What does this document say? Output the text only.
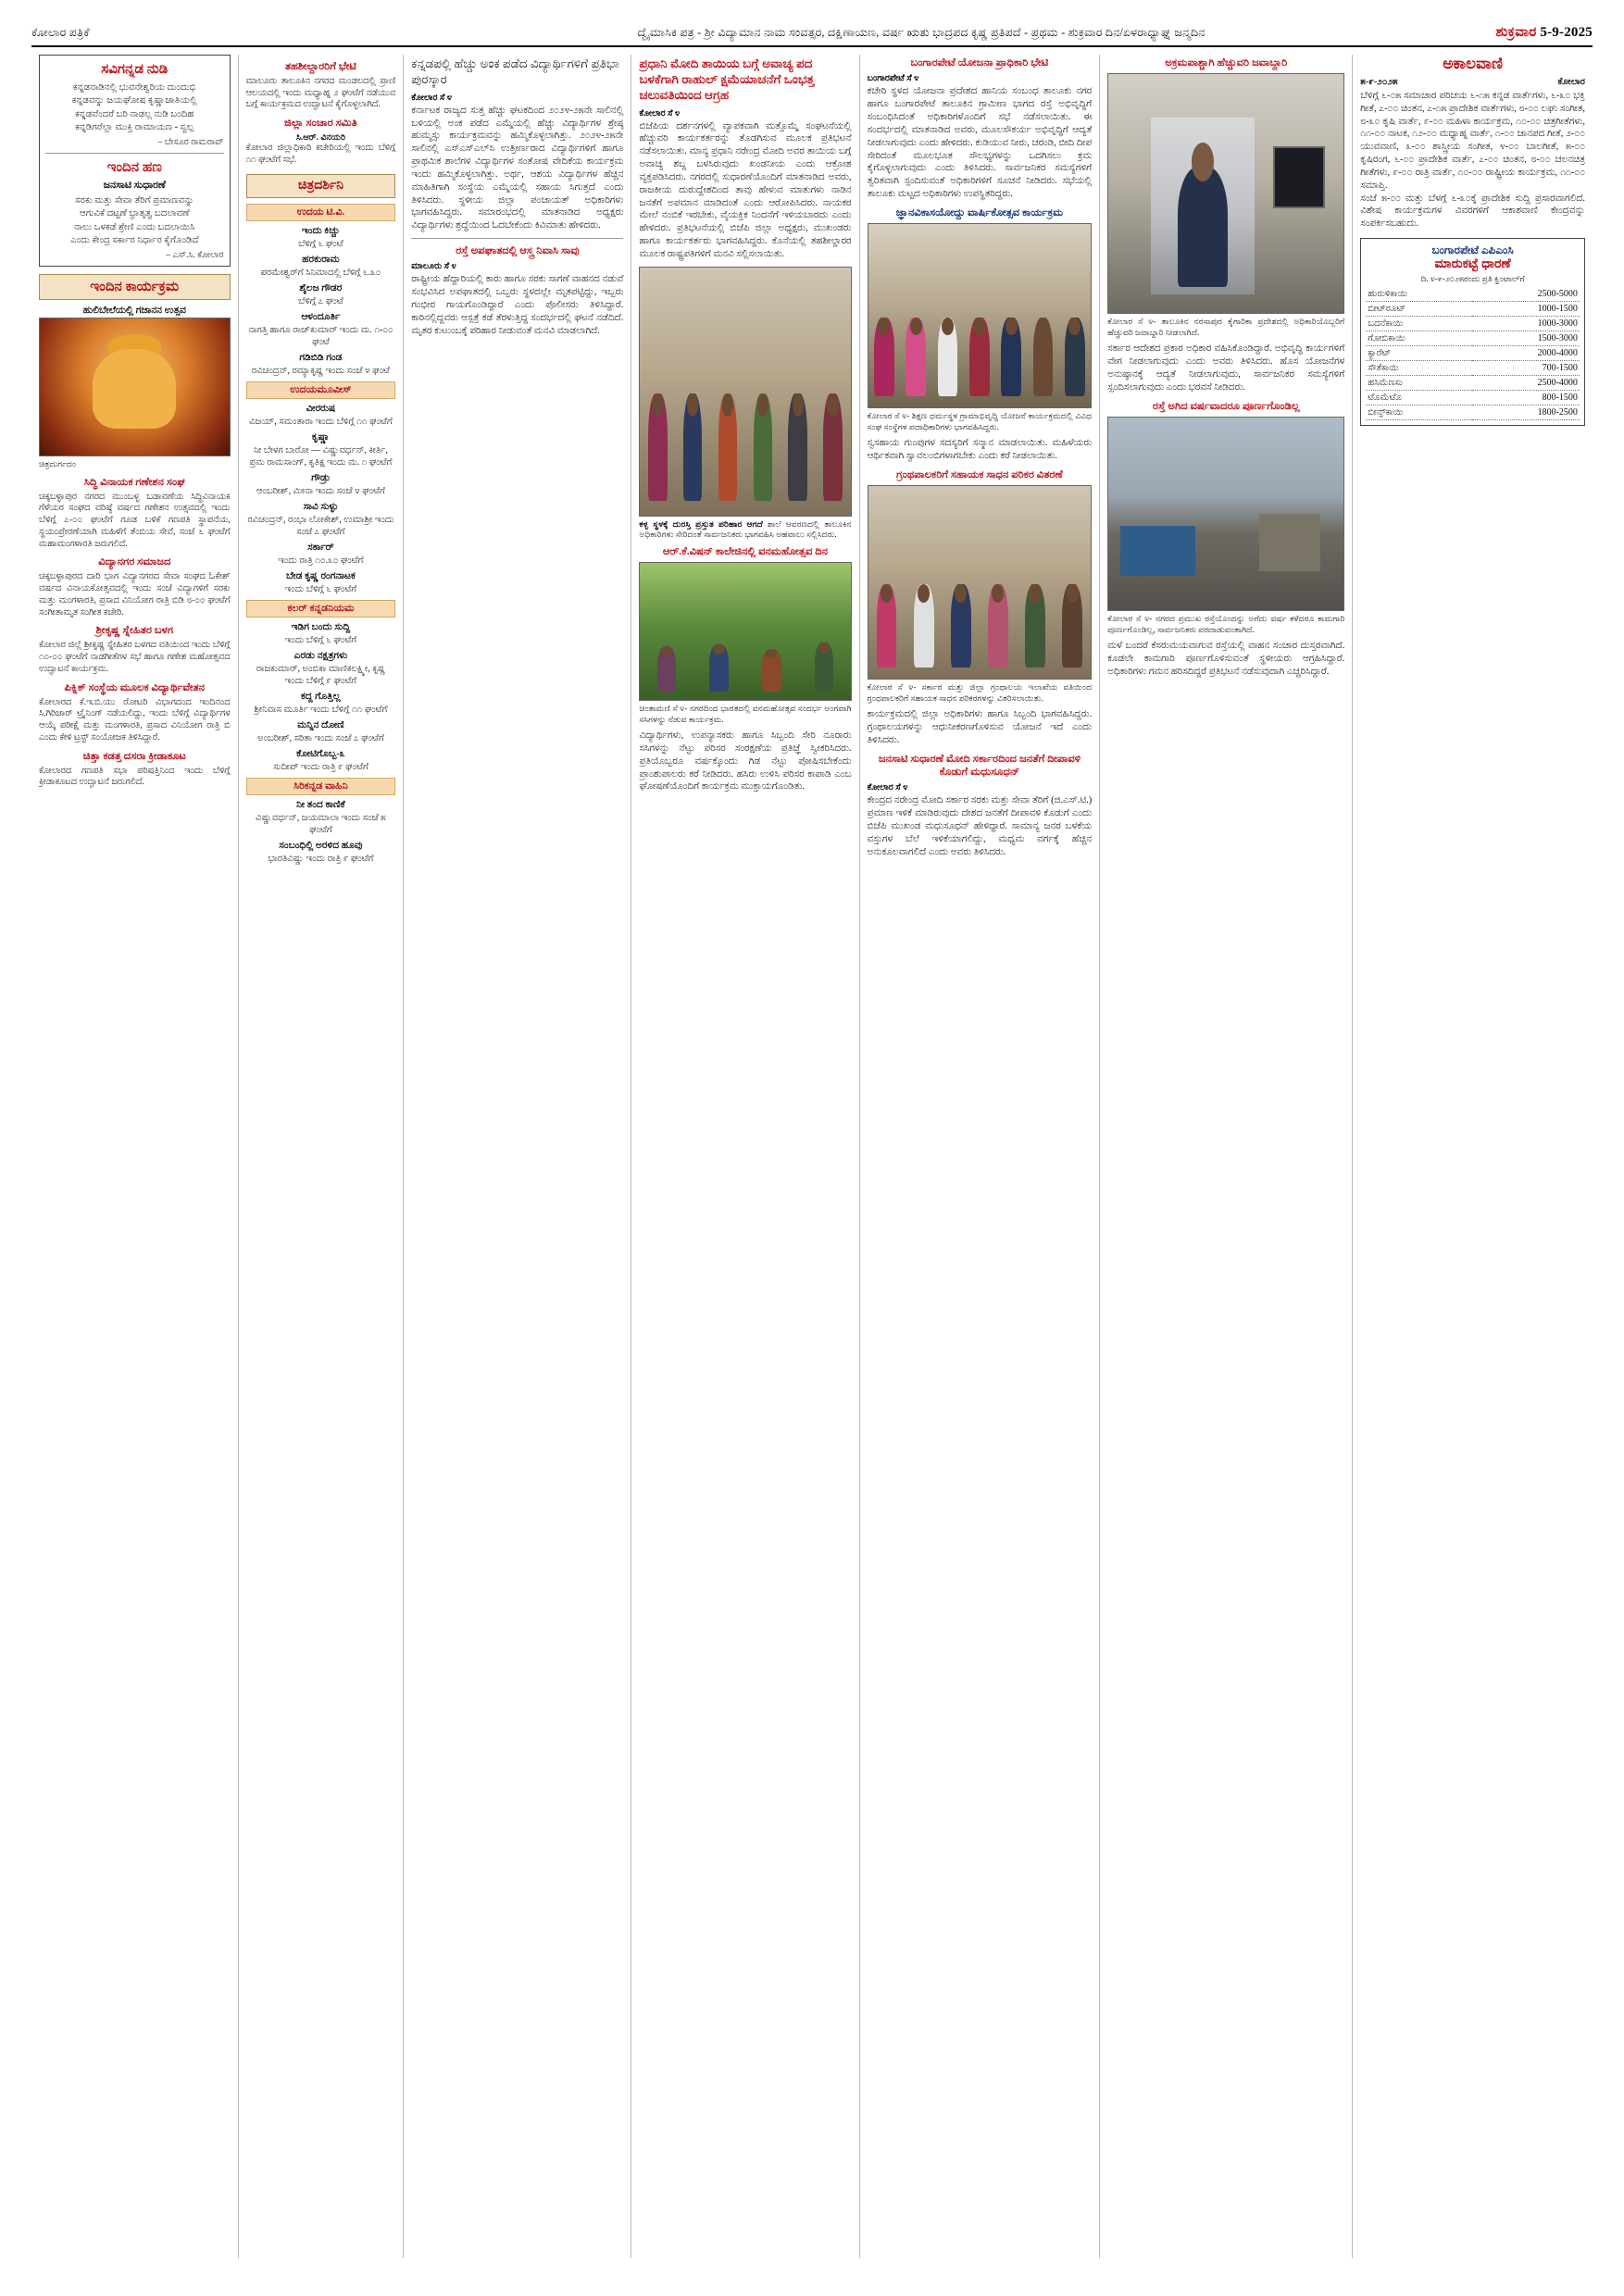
ಕೋಲಾರ ಪತ್ರಿಕೆ	ದ್ವೈಮಾಸಿಕ ಪತ್ರ - ಶ್ರೀ ವಿದ್ಯಾಮಾನ ನಾಮ ಸಂವತ್ಸರ, ದಕ್ಷಿಣಾಯಣ, ವರ್ಷ ಋತು ಭಾದ್ರಪದ ಕೃಷ್ಣ ಪ್ರತಿಪದೆ - ಪ್ರಥಮ - ಶುಕ್ರವಾರ ದಿನ/ಏಳರಾಧ್ಯಾಘ್ನ ಜನ್ಮದಿನ	ಶುಕ್ರವಾರ 5-9-2025
ಸವಿಗನ್ನಡ ನುಡಿ
ಕನ್ನಡನಾಡಿನಲ್ಲಿ ಭುವನೇಶ್ವರಿಯ ದುಂದುಭಿ
ಕನ್ನಡವನ್ನು ಜಯಘೋಷ ಕೃಷ್ಣಾಜಾತಿಯಲ್ಲಿ
ಕನ್ನಡವೆಂದರೆ ಬರಿ ನಾಡಲ್ಲ ನುಡಿ ಬಂದಿಹ
ಕನ್ನಡಿಗರೆಲ್ಲಾ ಮುಕ್ತಿ ರಾಮಾಯಣ - ಸ್ವಲ್ಪ
– ಬೇಸೂರ ರಾಮರಾವ್
ಇಂದಿನ ಹಣ
ಜನಸಾಟಿ ಸುಧಾರಣೆ
ಸರಕು ಮತ್ತು ಸೇವಾ ತೆರಿಗೆ ಪ್ರಮಾಣವನ್ನು
ಆಗುವಿಕೆ ದಟ್ಟಣೆ ಭ್ರಾತೃತ್ವ ಬದಲಾವಣೆ
ನಾಲು ಒಳಕಡೆ ಶ್ರೇಣಿ ಎಂದು ಬದಲಾಯಿಸಿ
ಎಂದು ಕೇಂದ್ರ ಸರ್ಕಾರ ನಿರ್ಧಾರ ಕೈಗೊಂಡಿದೆ
– ಎಸ್.ಸಿ. ಕೋಲಾರ
ಇಂದಿನ ಕಾರ್ಯಕ್ರಮ
ಹುಲಿಬೇಲೆಯಲ್ಲಿ ಗಜಾನನ ಉತ್ಸವ
ಚಿತ್ರದುರ್ಗದಂ
ಸಿದ್ಧಿ ವಿನಾಯಕ ಗಣೇಶನ ಸಂಘ
ಚಿಕ್ಕಬಳ್ಳಾಪುರ ನಗರದ ಮುಂಬಳ್ಳ ಬಡಾವಣೆಯ ಸಿದ್ಧಿವಿನಾಯಕ ಗೆಳೆಯರ ಸಂಘದ ವರಿಷ್ಠೆ ವರ್ಷದ ಗಣೇಶನ ಉತ್ಸವದಲ್ಲಿ ಇಂದು ಬೆಳಿಗ್ಗೆ ೭-೦೦ ಘಂಟೆಗೆ ಗೂಡ ಬಳಿಕೆ ಗಣಪತಿ ಸ್ಥಾಪನೆಯ, ಸ್ಥಯಂಪ್ರೇರಣೆಯಾಗಿ ಮಹಿಳೆಗೆ ತೆಂಬಿಯ ಸೇವೆ, ಸಂಜೆ ೬ ಘಂಟೆಗೆ ಮಹಾಮಂಗಳಾರತಿ ಜರುಗಲಿದೆ.
ವಿದ್ಯಾನಗರ ಸಮಾಜದ
ಚಿಕ್ಕಬಳ್ಳಾಪುರದ ದಾರಿ ಭಾಗ ವಿದ್ಯಾನಗರದ ಸೇವಾ ಸಂಘದ ಓಕೇಶ್ ವರ್ಷದ ವಿನಾಯಕೋತ್ಸವದಲ್ಲಿ ಇಂದು ಸಂಜೆ ವಿದ್ಯಾಗಳಿಗೆ ಸರಕು ಮತ್ತು ಮಂಗಳಾರತಿ, ಪ್ರಸಾದ ವಿನಿಯೋಗ ರಾತ್ರಿ ಬಿಡಿ ೮-೦೦ ಘಂಟೆಗೆ ಸಂಗೀತಾಮೃತ ಸಂಗೀತ ಕಚೇರಿ.
ಶ್ರೀಕೃಷ್ಣ ಸ್ನೇಹಿತರ ಬಳಗ
ಕೋಲಾರ ಜಿಲ್ಲೆ ಶ್ರೀಕೃಷ್ಣ ಸ್ನೇಹಿತರ ಬಳಗದ ವತಿಯಿಂದ ಇಂದು ಬೆಳಿಗ್ಗೆ ೧೦-೦೦ ಘಂಟೆಗೆ ನಾಡಗೀತೆಗಳ ಸಭೆ ಹಾಗೂ ಗಣೇಶ ಮಹೋತ್ಸವದ ಉದ್ಘಾಟನೆ ಕಾರ್ಯಕ್ರಮ.
ಪಿಕ್ನಿಕ್ ಸಂಸ್ಥೆಯ ಮೂಲಕ ವಿದ್ಯಾರ್ಥಿವೇತನ
ಕೋಲಾರದ ಕೆ.ಇ.ಬಿ.ಯು ರೋಟರಿ ವಿಭಾಗದಂದ ಇಂದಿನಂದ ಸಿ.ಗಿರಿಜಾರ್ ಟ್ರೈನಿಂಗ್ ನಡೆಯಲಿದ್ದು, ಇಂದು ಬೆಳಿಗ್ಗೆ ವಿದ್ಯಾರ್ಥಿಗಳ ಆಯ್ಕೆ ಪರೀಕ್ಷೆ ಮತ್ತು ಮಂಗಳಾರತಿ, ಪ್ರಸಾದ ವಿನಿಯೋಗ ರಾತ್ರಿ ಬಿ ಎಂದು ಕೇಳಿ ಟ್ರಸ್ಟ್ ಸಂಯೋಜಕ ತಿಳಿಸಿದ್ದಾರೆ.
ಚಿತ್ತಾ ಕಡತ್ತ ದಸರಾ ಕ್ರೀಡಾಕೂಟ
ಕೋಲಾರದ ಗಣಪತಿ ಸಭಾ ಪರಿಷತ್ತಿನಿಂದ ಇಂದು ಬೆಳಿಗ್ಗೆ ಕ್ರೀಡಾಕೂಟದ ಉದ್ಘಾಟನೆ ಜರುಗಲಿದೆ.
ತಹಶೀಲ್ದಾರರಿಗೆ ಭೇಟಿ
ಮಾಲೂರು ತಾಲೂಕಿನ ನಗರದ ಮಂಡಲದಲ್ಲಿ ಪ್ರಾಣಿ ಆಲಯದಲ್ಲಿ ಇಂದು ಮಧ್ಯಾಹ್ನ ೨ ಘಂಟೆಗೆ ನಡೆಯುವ ಬಗ್ಗೆ ಕಾರ್ಯಕ್ರಮದ ಉದ್ಘಾಟನೆ ಕೈಗೊಳ್ಳಲಾಗಿದೆ.
ಜಿಲ್ಲಾ ಸಂಚಾರ ಸಮಿತಿ
ಸಿ.ಆರ್. ವಿನಯರಿ
ಕೋಲಾರ ಜಿಲ್ಲಾಧಿಕಾರಿ ಕಚೇರಿಯಲ್ಲಿ ಇಂದು ಬೆಳಿಗ್ಗೆ ೧೧ ಘಂಟೆಗೆ ಸಭೆ.
ಚಿತ್ರದರ್ಶಿನಿ
ಉದಯ ಟಿ.ವಿ.
ಇಂದು ಕಿಚ್ಚು
ಬೆಳಿಗ್ಗೆ ೬ ಘಂಟೆ
ಹರಕುರಾಮ
ಪರಮೇಶ್ವರ್‌ಗೆ ಸಿನಿಮಾದಲ್ಲಿ ಬೆಳಿಗ್ಗೆ ೬.೩೦
ಶೈಲಜ ಗೌಡರ
ಬೆಳಿಗ್ಗೆ ೭ ಘಂಟೆ
ಆಳಂದೂರ್ತಿ
ನಾಗತ್ತಿ ಹಾಗೂ ರಾಜ್‌ಕುಮಾರ್ ಇಂದು ಮ. ೧-೦೦ ಘಂಟೆ
ಗಡಿಬಿಡಿ ಗಂಡ
ರವಿಚಂದ್ರನ್, ರಮ್ಯಾಕೃಷ್ಣ ಇಂದು ಸಂಜೆ ೪ ಘಂಟೆ
ಉದಯಮೂವೀಸ್
ವೀರರುಷ
ವಿಜಯ್, ಸಮಂತಾರಾ ಇಂದು ಬೆಳಿಗ್ಗೆ ೧೧ ಘಂಟೆಗೆ
ಕೃಷ್ಣಾ
ನೀ ಬೇಳಗ ಬಾರೋ — ವಿಷ್ಣುವರ್ಧನ್, ಕೀರ್ತಿ, ಪ್ರಮ ರಾಮಸಾಂಗ್, ಕೃತಿಕ್ಷ ಇಂದು ಮ. ೧ ಘಂಟೆಗೆ
ಗೌಡ್ರು
ಆಂಬರೀಶ್, ಮೀನಾ ಇಂದು ಸಂಜೆ ೪ ಘಂಟೆಗೆ
ಸಾವಿ ಸುಳ್ಳು
ರವಿಚಂದ್ರನ್, ರಂಭಾ ಲೋಕೇಶ್, ಉಮಾಶ್ರೀ ಇಂದು ಸಂಜೆ ೭ ಘಂಟೆಗೆ
ಸರ್ಕಾರ್
ಇಂದು ರಾತ್ರಿ ೧೦.೩೦ ಘಂಟೆಗೆ
ಬೇಡ ಕೃಷ್ಣ ರಂಗನಾಟಕ
ಇಂದು ಬೆಳಿಗ್ಗೆ ೬ ಘಂಟೆಗೆ
ಕಲರ್ ಕನ್ನಡನಿಯಮ
ಇಡಿಗ ಬಂದು ಸುದ್ದಿ
ಇಂದು ಬೆಳಿಗ್ಗೆ ೬ ಘಂಟೆಗೆ
ಎರಡು ನಕ್ಷತ್ರಗಳು
ರಾಜಕುಮಾರ್, ಅಂಬಿಕಾ ಮಾಣಿಕಲಕ್ಷ್ಮೀ, ಕೃಷ್ಣ ಇಂದು ಬೆಳಿಗ್ಗೆ ೯ ಘಂಟೆಗೆ
ಕದ್ದ ಗೊತ್ತಿಲ್ಲ
ಶ್ರೀನಿವಾಸ ಮೂರ್ತಿ ಇಂದು ಬೆಳಿಗ್ಗೆ ೧೧ ಘಂಟೆಗೆ
ಮನ್ನಿನ ದೋಣಿ
ಅಂಬರೀಶ್, ಸರಿತಾ ಇಂದು ಸಂಜೆ ೭ ಘಂಟೆಗೆ
ಕೋಟಿಗೊಬ್ಬ-೩
ಸುದೀಪ್ ಇಂದು ರಾತ್ರಿ ೯ ಘಂಟೆಗೆ
ಸಿರಿಕನ್ನಡ ವಾಹಿನಿ
ನೀ ತಂದ ಕಾಣಿಕೆ
ವಿಷ್ಣುವರ್ಧನ್, ಜಯಮಾಲಾ ಇಂದು ಸಂಜೆ ೫ ಘಂಟೆಗೆ
ಸಂಬಂಧಿಲ್ಲಿ ಅರಳಿದ ಹೂವು
ಭಾರತಿವಿಷ್ಣು ಇಂದು ರಾತ್ರಿ ೯ ಘಂಟೆಗೆ
ಕನ್ನಡಪಲ್ಲಿ ಹೆಚ್ಚು ಅಂಕ ಪಡೆದ ವಿದ್ಯಾರ್ಥಿಗಳಿಗೆ ಪ್ರತಿಭಾ ಪುರಸ್ಕಾರ
ಕೋಲಾರ ಸೆ ೪
ಕರ್ನಾಟಕ ರಾಜ್ಯದ ಸುತ್ತ ಹೆಚ್ಚು ಘಟಕದಿಂದ ೨೦೨೪-೨೫ನೇ ಸಾಲಿನಲ್ಲಿ ಬಳಿಯಲ್ಲಿ ಅಂಕ ಪಡೆದ ಎಮ್ಮೆಯಲ್ಲಿ ಹೆಚ್ಚು ವಿದ್ಯಾರ್ಥಿಗಳ ಶ್ರೇಷ್ಠ ಹುಮ್ಮಸ್ಸು ಕಾರ್ಯಕ್ರಮವನ್ನು ಹಮ್ಮಿಕೊಳ್ಳಲಾಗಿತ್ತು. ೨೦೨೪-೨೫ನೇ ಸಾಲಿನಲ್ಲಿ ಎಸ್‌ಎಸ್‌ಎಲ್‌ಸಿ ಉತ್ತೀರ್ಣರಾದ ವಿದ್ಯಾರ್ಥಿಗಳಿಗೆ ಹಾಗೂ ಪ್ರಾಥಮಿಕ ಶಾಲೆಗಳ ವಿದ್ಯಾರ್ಥಿಗಳ ಸಂತೋಷ ವೇದಿಕೆಯ ಕಾರ್ಯಕ್ರಮ ಇಂದು ಹಮ್ಮಿಕೊಳ್ಳಲಾಗಿತ್ತು. ಅರ್ಥ, ಆಶಯ ವಿದ್ಯಾರ್ಥಿಗಳ ಹೆಚ್ಚಿನ ಮಾಹಿತಿಗಾಗಿ ಸಂಸ್ಥೆಯ ಎಮ್ಮೆಯಲ್ಲಿ ಸಹಾಯ ಸಿಗುತ್ತದೆ ಎಂದು ತಿಳಿಸಿದರು. ಸ್ಥಳೀಯ ಜಿಲ್ಲಾ ಪಂಚಾಯತ್ ಅಧಿಕಾರಿಗಳು ಭಾಗವಹಿಸಿದ್ದರು. ಸಮಾರಂಭದಲ್ಲಿ ಮಾತನಾಡಿದ ಅಧ್ಯಕ್ಷರು ವಿದ್ಯಾರ್ಥಿಗಳು ಶ್ರದ್ಧೆಯಿಂದ ಓದಬೇಕೆಂದು ಕಿವಿಮಾತು ಹೇಳಿದರು.
ರಸ್ತೆ ಅಪಘಾತದಲ್ಲಿ ಆಸ್ತ್ರ ನಿವಾಸಿ ಸಾವು
ಮಾಲೂರು ಸೆ ೪
ರಾಷ್ಟ್ರೀಯ ಹೆದ್ದಾರಿಯಲ್ಲಿ ಕಾರು ಹಾಗೂ ಸರಕು ಸಾಗಣೆ ವಾಹನದ ನಡುವೆ ಸಂಭವಿಸಿದ ಅಪಘಾತದಲ್ಲಿ ಒಬ್ಬರು ಸ್ಥಳದಲ್ಲೇ ಮೃತಪಟ್ಟಿದ್ದು, ಇಬ್ಬರು ಗಂಭೀರ ಗಾಯಗೊಂಡಿದ್ದಾರೆ ಎಂದು ಪೊಲೀಸರು ತಿಳಿಸಿದ್ದಾರೆ. ಕಾರಿನಲ್ಲಿದ್ದವರು ಆಸ್ಪತ್ರೆ ಕಡೆ ತೆರಳುತ್ತಿದ್ದ ಸಂದರ್ಭದಲ್ಲಿ ಘಟನೆ ನಡೆದಿದೆ. ಮೃತರ ಕುಟುಂಬಕ್ಕೆ ಪರಿಹಾರ ನೀಡುವಂತೆ ಮನವಿ ಮಾಡಲಾಗಿದೆ.
ಪ್ರಧಾನಿ ಮೋದಿ ತಾಯಿಯ ಬಗ್ಗೆ ಅವಾಚ್ಯ ಪದ ಬಳಕೆಗಾಗಿ ರಾಹುಲ್ ಕ್ಷಮೆಯಾಚನೆಗೆ ಒಂಭತ್ತ ಚಲುವತಿಯಿಂದ ಆಗ್ರಹ
ಕೋಲಾರ ಸೆ ೪
ಬಿಜೆಪಿಯ ದರ್ಶನಗಳಲ್ಲಿ ವ್ಯಾಪಕವಾಗಿ ಮತ್ತೊಮ್ಮೆ ಸಂಘಟನೆಯಲ್ಲಿ ಹೆಚ್ಚುವರಿ ಕಾರ್ಯಕರ್ತರನ್ನು ತೊಡಗಿಸುವ ಮೂಲಕ ಪ್ರತಿಭಟನೆ ನಡೆಸಲಾಯಿತು. ಮಾನ್ಯ ಪ್ರಧಾನಿ ನರೇಂದ್ರ ಮೋದಿ ಅವರ ತಾಯಿಯ ಬಗ್ಗೆ ಅವಾಚ್ಯ ಶಬ್ದ ಬಳಸಿರುವುದು ಖಂಡನೀಯ ಎಂದು ಆಕ್ರೋಶ ವ್ಯಕ್ತಪಡಿಸಿದರು. ನಗರದಲ್ಲಿ ಸುಧಾರಣೆಯೊಂದಿಗೆ ಮಾತನಾಡಿದ ಅವರು, ರಾಜಕೀಯ ದುರುದ್ದೇಶದಿಂದ ತಾವು ಹೇಳುವ ಮಾತುಗಳು ನಾಡಿನ ಜನತೆಗೆ ಅಪಮಾನ ಮಾಡಿದಂತೆ ಎಂದು ಆರೋಪಿಸಿದರು. ನಾಯಕರ ಮೇಲೆ ನಂಬಿಕೆ ಇರಬೇಕು, ವೈಯಕ್ತಿಕ ನಿಂದನೆಗೆ ಇಳಿಯಬಾರದು ಎಂದು ಹೇಳಿದರು. ಪ್ರತಿಭಟನೆಯಲ್ಲಿ ಬಿಜೆಪಿ ಜಿಲ್ಲಾ ಅಧ್ಯಕ್ಷರು, ಮುಖಂಡರು ಹಾಗೂ ಕಾರ್ಯಕರ್ತರು ಭಾಗವಹಿಸಿದ್ದರು. ಕೊನೆಯಲ್ಲಿ ತಹಶೀಲ್ದಾರರ ಮೂಲಕ ರಾಷ್ಟ್ರಪತಿಗಳಿಗೆ ಮನವಿ ಸಲ್ಲಿಸಲಾಯಿತು.
ಕಳ್ಳ ಸ್ಥಳಕ್ಕೆ ದುರಸ್ತಿ ಪ್ರಸ್ತುತ ಪರಿಹಾರ ಆಗದೆ ಶಾಲೆ ಆವರಣದಲ್ಲಿ ತಾಲೂಕಿನ ಅಧಿಕಾರಿಗಳು ಸೇರಿದಂತೆ ಸಾರ್ವಜನಿಕರು ಭಾಗವಹಿಸಿ ಅಹವಾಲು ಸಲ್ಲಿಸಿದರು.
ಆರ್.ಕೆ.ವಿಷನ್ ಕಾಲೇಜಿನಲ್ಲಿ ವನಮಹೋತ್ಸವ ದಿನ
ಚಿಂತಾಮಣಿ ಸೆ ೪- ನಗರದಿಂದ ಭಾರತದಲ್ಲಿ ವನಮಹೋತ್ಸವ ಸಂದರ್ಭ ಅಂಗವಾಗಿ ಸಸಿಗಳನ್ನು ನೆಡುವ ಕಾರ್ಯಕ್ರಮ.
ವಿದ್ಯಾರ್ಥಿಗಳು, ಉಪನ್ಯಾಸಕರು ಹಾಗೂ ಸಿಬ್ಬಂದಿ ಸೇರಿ ನೂರಾರು ಸಸಿಗಳನ್ನು ನೆಟ್ಟು ಪರಿಸರ ಸಂರಕ್ಷಣೆಯ ಪ್ರತಿಜ್ಞೆ ಸ್ವೀಕರಿಸಿದರು. ಪ್ರತಿಯೊಬ್ಬರೂ ವರ್ಷಕ್ಕೊಂದು ಗಿಡ ನೆಟ್ಟು ಪೋಷಿಸಬೇಕೆಂದು ಪ್ರಾಂಶುಪಾಲರು ಕರೆ ನೀಡಿದರು. ಹಸಿರು ಉಳಿಸಿ ಪರಿಸರ ಕಾಪಾಡಿ ಎಂಬ ಘೋಷಣೆಯೊಂದಿಗೆ ಕಾರ್ಯಕ್ರಮ ಮುಕ್ತಾಯಗೊಂಡಿತು.
ಬಂಗಾರಪೇಟೆ ಯೋಜನಾ ಪ್ರಾಧಿಕಾರಿ ಭೇಟಿ
ಬಂಗಾರಪೇಟೆ ಸೆ ೪
ಕಚೇರಿ ಸ್ಥಳದ ಯೋಜನಾ ಪ್ರದೇಶದ ಹಾನಿಯ ಸಂಬಂಧ ತಾಲೂಕು ನಗರ ಹಾಗೂ ಬಂಗಾರಪೇಟೆ ತಾಲೂಕಿನ ಗ್ರಾಮೀಣ ಭಾಗದ ರಸ್ತೆ ಅಭಿವೃದ್ಧಿಗೆ ಸಂಬಂಧಿಸಿದಂತೆ ಅಧಿಕಾರಿಗಳೊಂದಿಗೆ ಸಭೆ ನಡೆಸಲಾಯಿತು. ಈ ಸಂದರ್ಭದಲ್ಲಿ ಮಾತನಾಡಿದ ಅವರು, ಮೂಲಸೌಕರ್ಯ ಅಭಿವೃದ್ಧಿಗೆ ಆದ್ಯತೆ ನೀಡಲಾಗುವುದು ಎಂದು ಹೇಳಿದರು. ಕುಡಿಯುವ ನೀರು, ಚರಂಡಿ, ಬೀದಿ ದೀಪ ಸೇರಿದಂತೆ ಮೂಲಭೂತ ಸೌಲಭ್ಯಗಳನ್ನು ಒದಗಿಸಲು ಕ್ರಮ ಕೈಗೊಳ್ಳಲಾಗುವುದು ಎಂದು ತಿಳಿಸಿದರು. ಸಾರ್ವಜನಿಕರ ಸಮಸ್ಯೆಗಳಿಗೆ ತ್ವರಿತವಾಗಿ ಸ್ಪಂದಿಸುವಂತೆ ಅಧಿಕಾರಿಗಳಿಗೆ ಸೂಚನೆ ನೀಡಿದರು. ಸಭೆಯಲ್ಲಿ ತಾಲೂಕು ಮಟ್ಟದ ಅಧಿಕಾರಿಗಳು ಉಪಸ್ಥಿತರಿದ್ದರು.
ಜ್ಞಾನವಿಕಾಸಯೋದ್ದು ವಾರ್ಷಿಕೋತ್ಸವ ಕಾರ್ಯಕ್ರಮ
ಕೋಲಾರ ಸೆ ೪- ಶಿಕ್ಷಣ ಧರ್ಮಸ್ಥಳ ಗ್ರಾಮಾಭಿವೃದ್ಧಿ ಯೋಜನೆ ಕಾರ್ಯಕ್ರಮದಲ್ಲಿ ವಿವಿಧ ಸಂಘ ಸಂಸ್ಥೆಗಳ ಪದಾಧಿಕಾರಿಗಳು ಭಾಗವಹಿಸಿದ್ದರು.
ಸ್ವಸಹಾಯ ಗುಂಪುಗಳ ಸದಸ್ಯರಿಗೆ ಸನ್ಮಾನ ಮಾಡಲಾಯಿತು. ಮಹಿಳೆಯರು ಆರ್ಥಿಕವಾಗಿ ಸ್ವಾವಲಂಬಿಗಳಾಗಬೇಕು ಎಂದು ಕರೆ ನೀಡಲಾಯಿತು.
ಗ್ರಂಥಪಾಲಕರಿಗೆ ಸಹಾಯಕ ಸಾಧನ ಪರಿಕರ ವಿತರಣೆ
ಕೋಲಾರ ಸೆ ೪- ಸರ್ಕಾರ ಮತ್ತು ಜಿಲ್ಲಾ ಗ್ರಂಥಾಲಯ ಇಲಾಖೆಯ ವತಿಯಿಂದ ಗ್ರಂಥಪಾಲಕರಿಗೆ ಸಹಾಯಕ ಸಾಧನ ಪರಿಕರಗಳನ್ನು ವಿತರಿಸಲಾಯಿತು.
ಕಾರ್ಯಕ್ರಮದಲ್ಲಿ ಜಿಲ್ಲಾ ಅಧಿಕಾರಿಗಳು ಹಾಗೂ ಸಿಬ್ಬಂದಿ ಭಾಗವಹಿಸಿದ್ದರು. ಗ್ರಂಥಾಲಯಗಳನ್ನು ಆಧುನೀಕರಣಗೊಳಿಸುವ ಯೋಜನೆ ಇದೆ ಎಂದು ತಿಳಿಸಿದರು.
ಜನಸಾಟಿ ಸುಧಾರಣೆ ಮೋದಿ ಸರ್ಕಾರದಿಂದ ಜನತೆಗೆ ದೀಪಾವಳಿ ಕೊಡುಗೆ ಮಧುಸೂಧನ್
ಕೋಲಾರ ಸೆ ೪
ಕೇಂದ್ರದ ನರೇಂದ್ರ ಮೋದಿ ಸರ್ಕಾರ ಸರಕು ಮತ್ತು ಸೇವಾ ತೆರಿಗೆ (ಜಿ.ಎಸ್.ಟಿ.) ಪ್ರಮಾಣ ಇಳಿಕೆ ಮಾಡಿರುವುದು ದೇಶದ ಜನತೆಗೆ ದೀಪಾವಳಿ ಕೊಡುಗೆ ಎಂದು ಬಿಜೆಪಿ ಮುಖಂಡ ಮಧುಸೂಧನ್ ಹೇಳಿದ್ದಾರೆ. ಸಾಮಾನ್ಯ ಜನರ ಬಳಕೆಯ ವಸ್ತುಗಳ ಬೆಲೆ ಇಳಿಕೆಯಾಗಲಿದ್ದು, ಮಧ್ಯಮ ವರ್ಗಕ್ಕೆ ಹೆಚ್ಚಿನ ಅನುಕೂಲವಾಗಲಿದೆ ಎಂದು ಅವರು ತಿಳಿಸಿದರು.
ಅಕ್ರಮಪಾಶ್ಚಾಗಿ ಹೆಚ್ಚುವರಿ ಜವಾಬ್ದಾರಿ
ಕೋಲಾರ ಸೆ ೪- ತಾಲೂಕಿನ ನರಸಾಪುರ ಕೈಗಾರಿಕಾ ಪ್ರದೇಶದಲ್ಲಿ ಅಧಿಕಾರಿಯೊಬ್ಬರಿಗೆ ಹೆಚ್ಚುವರಿ ಜವಾಬ್ದಾರಿ ನೀಡಲಾಗಿದೆ.
ಸರ್ಕಾರ ಆದೇಶದ ಪ್ರಕಾರ ಅಧಿಕಾರ ವಹಿಸಿಕೊಂಡಿದ್ದಾರೆ. ಅಭಿವೃದ್ಧಿ ಕಾರ್ಯಗಳಿಗೆ ವೇಗ ನೀಡಲಾಗುವುದು ಎಂದು ಅವರು ತಿಳಿಸಿದರು. ಹೊಸ ಯೋಜನೆಗಳ ಅನುಷ್ಠಾನಕ್ಕೆ ಆದ್ಯತೆ ನೀಡಲಾಗುವುದು, ಸಾರ್ವಜನಿಕರ ಸಮಸ್ಯೆಗಳಿಗೆ ಸ್ಪಂದಿಸಲಾಗುವುದು ಎಂದು ಭರವಸೆ ನೀಡಿದರು.
ರಸ್ತೆ ಅಗಿದ ವರ್ಷವಾದರೂ ಪೂರ್ಣಗೊಂಡಿಲ್ಲ
ಕೋಲಾರ ಸೆ ೪- ನಗರದ ಪ್ರಮುಖ ರಸ್ತೆಯೊಂದನ್ನು ಅಗೆದು ವರ್ಷ ಕಳೆದರೂ ಕಾಮಗಾರಿ ಪೂರ್ಣಗೊಂಡಿಲ್ಲ, ಸಾರ್ವಜನಿಕರು ಪರದಾಡುವಂತಾಗಿದೆ.
ಮಳೆ ಬಂದರೆ ಕೆಸರುಮಯವಾಗುವ ರಸ್ತೆಯಲ್ಲಿ ವಾಹನ ಸಂಚಾರ ದುಸ್ತರವಾಗಿದೆ. ಕೂಡಲೇ ಕಾಮಗಾರಿ ಪೂರ್ಣಗೊಳಿಸುವಂತೆ ಸ್ಥಳೀಯರು ಆಗ್ರಹಿಸಿದ್ದಾರೆ. ಅಧಿಕಾರಿಗಳು ಗಮನ ಹರಿಸದಿದ್ದರೆ ಪ್ರತಿಭಟನೆ ನಡೆಸುವುದಾಗಿ ಎಚ್ಚರಿಸಿದ್ದಾರೆ.
ಅಕಾಲವಾಣಿ
೫-೯-೨೦೨೫	ಕೋಲಾರ
ಬೆಳಿಗ್ಗೆ ೬-೦೫ ಸಮಾಚಾರ ಪರಿಚಯ ೬-೧೫ ಕನ್ನಡ ವಾರ್ತೆಗಳು, ೬-೩೦ ಭಕ್ತಿ ಗೀತೆ, ೭-೦೦ ಚಿಂತನ, ೭-೧೫ ಪ್ರಾದೇಶಿಕ ವಾರ್ತೆಗಳು, ೮-೦೦ ಲಘು ಸಂಗೀತ, ೮-೩೦ ಕೃಷಿ ವಾರ್ತೆ, ೯-೦೦ ಮಹಿಳಾ ಕಾರ್ಯಕ್ರಮ, ೧೦-೦೦ ಚಿತ್ರಗೀತೆಗಳು, ೧೧-೦೦ ನಾಟಕ, ೧೨-೦೦ ಮಧ್ಯಾಹ್ನ ವಾರ್ತೆ, ೧-೦೦ ಜಾನಪದ ಗೀತೆ, ೨-೦೦ ಯುವವಾಣಿ, ೩-೦೦ ಶಾಸ್ತ್ರೀಯ ಸಂಗೀತ, ೪-೦೦ ಬಾಲಗೀತೆ, ೫-೦೦ ಕೃಷಿರಂಗ, ೬-೦೦ ಪ್ರಾದೇಶಿಕ ವಾರ್ತೆ, ೭-೦೦ ಚಿಂತನ, ೮-೦೦ ಚಲನಚಿತ್ರ ಗೀತೆಗಳು, ೯-೦೦ ರಾತ್ರಿ ವಾರ್ತೆ, ೧೦-೦೦ ರಾಷ್ಟ್ರೀಯ ಕಾರ್ಯಕ್ರಮ, ೧೧-೦೦ ಸಮಾಪ್ತಿ.
ಸಂಜೆ ೫-೦೦ ಮತ್ತು ಬೆಳಗ್ಗೆ ೬-೩೦ಕ್ಕೆ ಪ್ರಾದೇಶಿಕ ಸುದ್ದಿ ಪ್ರಸಾರವಾಗಲಿದೆ. ವಿಶೇಷ ಕಾರ್ಯಕ್ರಮಗಳ ವಿವರಗಳಿಗೆ ಆಕಾಶವಾಣಿ ಕೇಂದ್ರವನ್ನು ಸಂಪರ್ಕಿಸಬಹುದು.
ಬಂಗಾರಪೇಟೆ ಎಪಿಎಂಸಿ
ಮಾರುಕಟ್ಟೆ ಧಾರಣೆ
ದಿ. ೪-೯-೨೦೨೫ರಂದು ಪ್ರತಿ ಕ್ವಿಂಟಾಲ್‌ಗೆ
ಹುರುಳಿಕಾಯಿ	2500-5000
ಬೀಟ್‌ರೂಟ್	1000-1500
ಬದನೆಕಾಯಿ	1000-3000
ಗೋಬಿಕಾಯಿ	1500-3000
ಕ್ಯಾರೆಟ್	2000-4000
ಸೌತೆಕಾಯಿ	700-1500
ಹಸಿಮೆಣಸು	2500-4000
ಟೊಮೆಟೊ	800-1500
ಬೀನ್ಸ್‌ಕಾಯಿ	1800-2500
